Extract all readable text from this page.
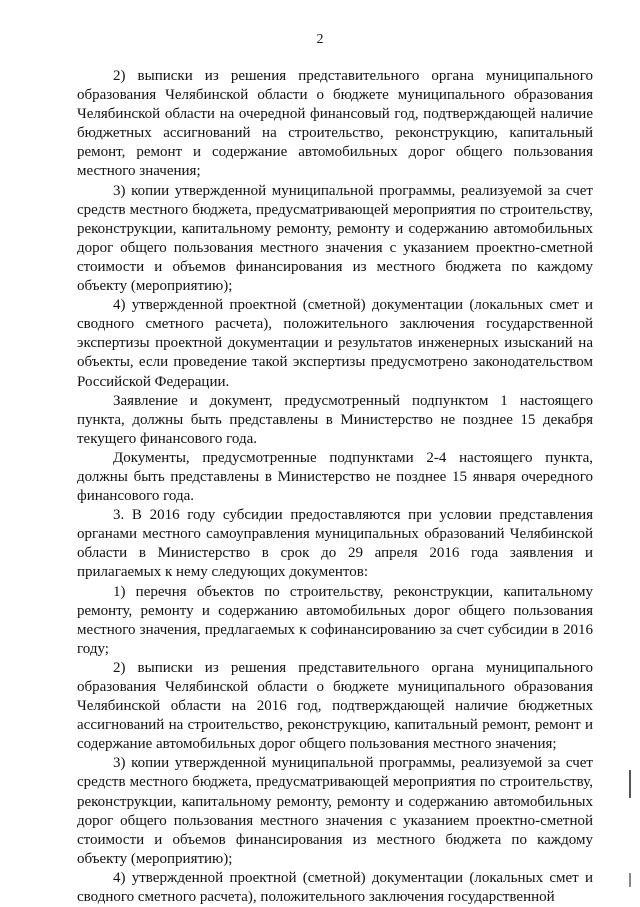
2

2) выписки из решения представительного органа муниципального образования Челябинской области о бюджете муниципального образования Челябинской области на очередной финансовый год, подтверждающей наличие бюджетных ассигнований на строительство, реконструкцию, капитальный ремонт, ремонт и содержание автомобильных дорог общего пользования местного значения;

3) копии утвержденной муниципальной программы, реализуемой за счет средств местного бюджета, предусматривающей мероприятия по строительству, реконструкции, капитальному ремонту, ремонту и содержанию автомобильных дорог общего пользования местного значения с указанием проектно-сметной стоимости и объемов финансирования из местного бюджета по каждому объекту (мероприятию);

4) утвержденной проектной (сметной) документации (локальных смет и сводного сметного расчета), положительного заключения государственной экспертизы проектной документации и результатов инженерных изысканий на объекты, если проведение такой экспертизы предусмотрено законодательством Российской Федерации.

Заявление и документ, предусмотренный подпунктом 1 настоящего пункта, должны быть представлены в Министерство не позднее 15 декабря текущего финансового года.

Документы, предусмотренные подпунктами 2-4 настоящего пункта, должны быть представлены в Министерство не позднее 15 января очередного финансового года.

3. В 2016 году субсидии предоставляются при условии представления органами местного самоуправления муниципальных образований Челябинской области в Министерство в срок до 29 апреля 2016 года заявления и прилагаемых к нему следующих документов:

1) перечня объектов по строительству, реконструкции, капитальному ремонту, ремонту и содержанию автомобильных дорог общего пользования местного значения, предлагаемых к софинансированию за счет субсидии в 2016 году;

2) выписки из решения представительного органа муниципального образования Челябинской области о бюджете муниципального образования Челябинской области на 2016 год, подтверждающей наличие бюджетных ассигнований на строительство, реконструкцию, капитальный ремонт, ремонт и содержание автомобильных дорог общего пользования местного значения;

3) копии утвержденной муниципальной программы, реализуемой за счет средств местного бюджета, предусматривающей мероприятия по строительству, реконструкции, капитальному ремонту, ремонту и содержанию автомобильных дорог общего пользования местного значения с указанием проектно-сметной стоимости и объемов финансирования из местного бюджета по каждому объекту (мероприятию);

4) утвержденной проектной (сметной) документации (локальных смет и сводного сметного расчета), положительного заключения государственной
